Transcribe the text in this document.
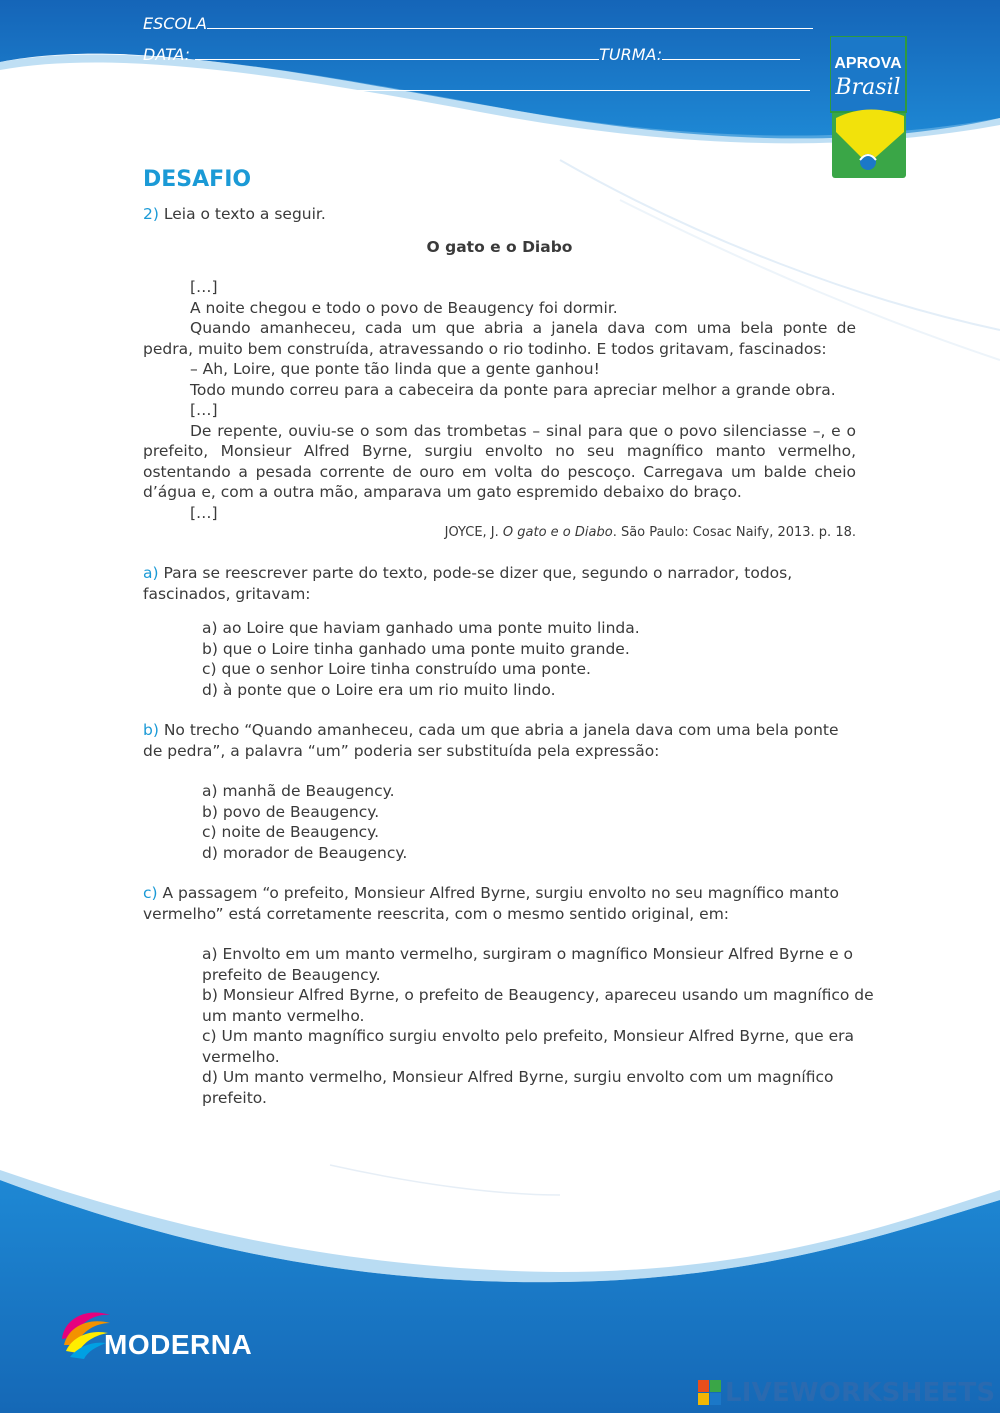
ESCOLA
DATA:	TURMA:
NOME:
APROVA
Brasil
DESAFIO
2) Leia o texto a seguir.
O gato e o Diabo

[…]

A noite chegou e todo o povo de Beaugency foi dormir.

Quando amanheceu, cada um que abria a janela dava com uma bela ponte de pedra, muito bem construída, atravessando o rio todinho. E todos gritavam, fascinados:

– Ah, Loire, que ponte tão linda que a gente ganhou!

Todo mundo correu para a cabeceira da ponte para apreciar melhor a grande obra.

[…]

De repente, ouviu-se o som das trombetas – sinal para que o povo silenciasse –, e o prefeito, Monsieur Alfred Byrne, surgiu envolto no seu magnífico manto vermelho, ostentando a pesada corrente de ouro em volta do pescoço. Carregava um balde cheio d’água e, com a outra mão, amparava um gato espremido debaixo do braço.

[…]

JOYCE, J. O gato e o Diabo. São Paulo: Cosac Naify, 2013. p. 18.
a) Para se reescrever parte do texto, pode-se dizer que, segundo o narrador, todos, fascinados, gritavam:
a) ao Loire que haviam ganhado uma ponte muito linda.
b) que o Loire tinha ganhado uma ponte muito grande.
c) que o senhor Loire tinha construído uma ponte.
d) à ponte que o Loire era um rio muito lindo.
b) No trecho “Quando amanheceu, cada um que abria a janela dava com uma bela ponte de pedra”, a palavra “um” poderia ser substituída pela expressão:
a) manhã de Beaugency.
b) povo de Beaugency.
c) noite de Beaugency.
d) morador de Beaugency.
c) A passagem “o prefeito, Monsieur Alfred Byrne, surgiu envolto no seu magnífico manto vermelho” está corretamente reescrita, com o mesmo sentido original, em:
a) Envolto em um manto vermelho, surgiram o magnífico Monsieur Alfred Byrne e o prefeito de Beaugency.
b) Monsieur Alfred Byrne, o prefeito de Beaugency, apareceu usando um magnífico de um manto vermelho.
c) Um manto magnífico surgiu envolto pelo prefeito, Monsieur Alfred Byrne, que era vermelho.
d) Um manto vermelho, Monsieur Alfred Byrne, surgiu envolto com um magnífico prefeito.
MODERNA
LIVEWORKSHEETS
